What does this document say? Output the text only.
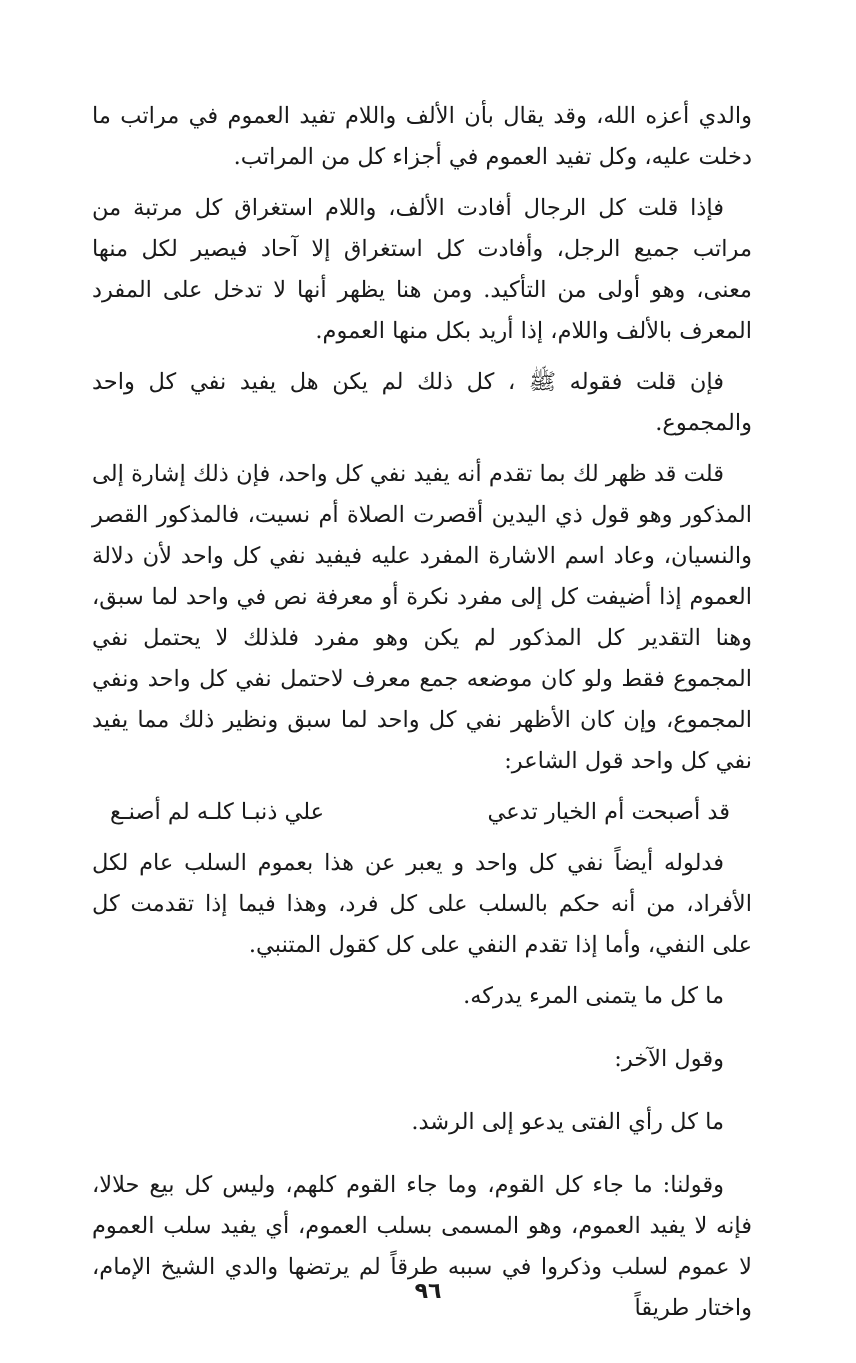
والدي أعزه الله، وقد يقال بأن الألف واللام تفيد العموم في مراتب ما دخلت عليه، وكل تفيد العموم في أجزاء كل من المراتب.

فإذا قلت كل الرجال أفادت الألف، واللام استغراق كل مرتبة من مراتب جميع الرجل، وأفادت كل استغراق إلا آحاد فيصير لكل منها معنى، وهو أولى من التأكيد. ومن هنا يظهر أنها لا تدخل على المفرد المعرف بالألف واللام، إذا أريد بكل منها العموم.

فإن قلت فقوله ﷺ ، كل ذلك لم يكن هل يفيد نفي كل واحد والمجموع.

قلت قد ظهر لك بما تقدم أنه يفيد نفي كل واحد، فإن ذلك إشارة إلى المذكور وهو قول ذي اليدين أقصرت الصلاة أم نسيت، فالمذكور القصر والنسيان، وعاد اسم الاشارة المفرد عليه فيفيد نفي كل واحد لأن دلالة العموم إذا أضيفت كل إلى مفرد نكرة أو معرفة نص في واحد لما سبق، وهنا التقدير كل المذكور لم يكن وهو مفرد فلذلك لا يحتمل نفي المجموع فقط ولو كان موضعه جمع معرف لاحتمل نفي كل واحد ونفي المجموع، وإن كان الأظهر نفي كل واحد لما سبق ونظير ذلك مما يفيد نفي كل واحد قول الشاعر:

قد أصبحت أم الخيار تدعي
علي ذنبـا كلـه لم أصنـع

فدلوله أيضاً نفي كل واحد و يعبر عن هذا بعموم السلب عام لكل الأفراد، من أنه حكم بالسلب على كل فرد، وهذا فيما إذا تقدمت كل على النفي، وأما إذا تقدم النفي على كل كقول المتنبي.

ما كل ما يتمنى المرء يدركه.

وقول الآخر:

ما كل رأي الفتى يدعو إلى الرشد.

وقولنا: ما جاء كل القوم، وما جاء القوم كلهم، وليس كل بيع حلالا، فإنه لا يفيد العموم، وهو المسمى بسلب العموم، أي يفيد سلب العموم لا عموم لسلب وذكروا في سببه طرقاً لم يرتضها والدي الشيخ الإمام، واختار طريقاً

٩٦
